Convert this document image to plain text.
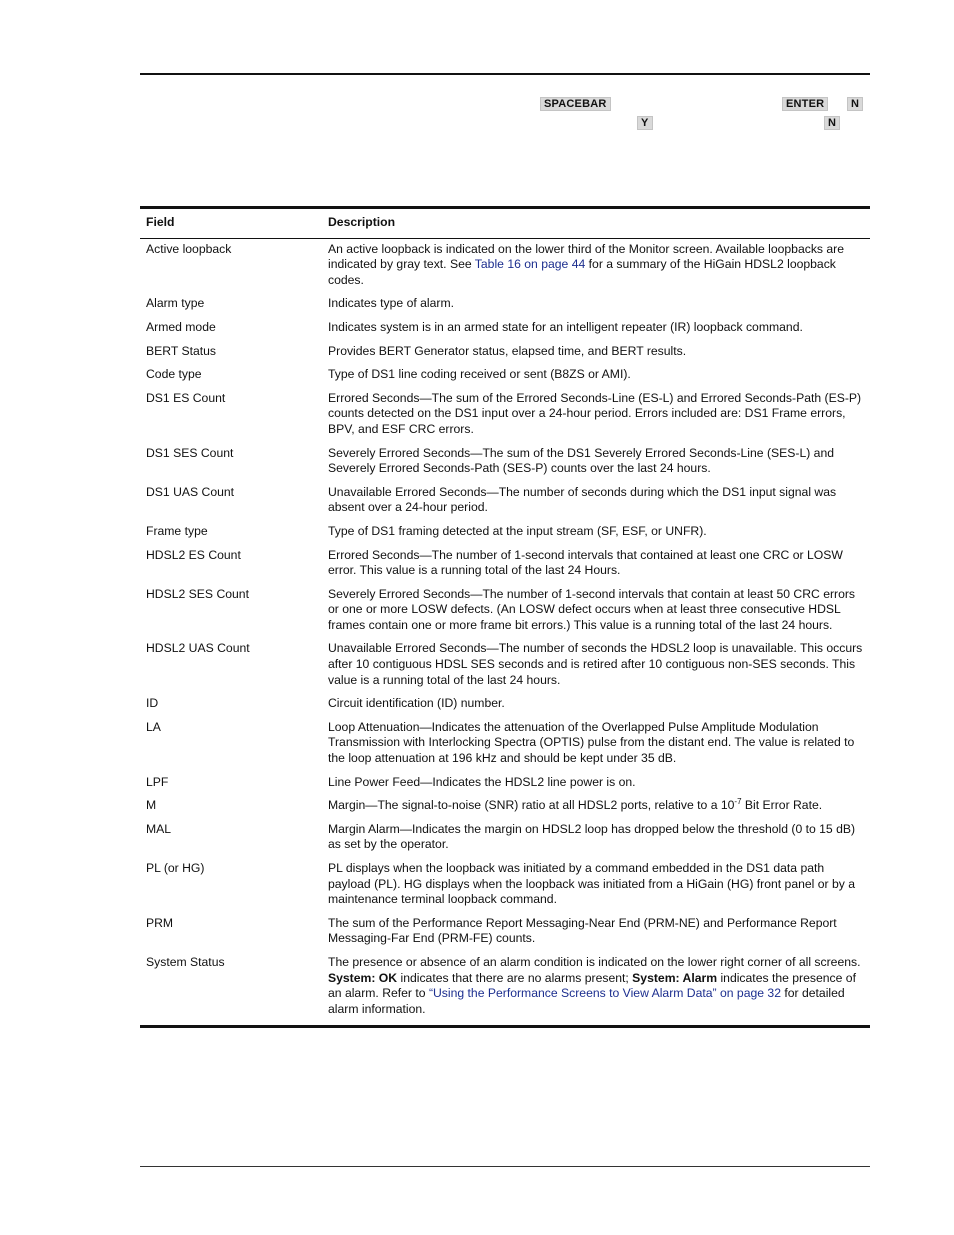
SPACEBAR	ENTER	N
Y	N
Field	Description
Active loopback	An active loopback is indicated on the lower third of the Monitor screen. Available loopbacks are indicated by gray text. See Table 16 on page 44 for a summary of the HiGain HDSL2 loopback codes.
Alarm type	Indicates type of alarm.
Armed mode	Indicates system is in an armed state for an intelligent repeater (IR) loopback command.
BERT Status	Provides BERT Generator status, elapsed time, and BERT results.
Code type	Type of DS1 line coding received or sent (B8ZS or AMI).
DS1 ES Count	Errored Seconds—The sum of the Errored Seconds-Line (ES-L) and Errored Seconds-Path (ES-P) counts detected on the DS1 input over a 24-hour period. Errors included are: DS1 Frame errors, BPV, and ESF CRC errors.
DS1 SES Count	Severely Errored Seconds—The sum of the DS1 Severely Errored Seconds-Line (SES-L) and Severely Errored Seconds-Path (SES-P) counts over the last 24 hours.
DS1 UAS Count	Unavailable Errored Seconds—The number of seconds during which the DS1 input signal was absent over a 24-hour period.
Frame type	Type of DS1 framing detected at the input stream (SF, ESF, or UNFR).
HDSL2 ES Count	Errored Seconds—The number of 1-second intervals that contained at least one CRC or LOSW error. This value is a running total of the last 24 Hours.
HDSL2 SES Count	Severely Errored Seconds—The number of 1-second intervals that contain at least 50 CRC errors or one or more LOSW defects. (An LOSW defect occurs when at least three consecutive HDSL frames contain one or more frame bit errors.) This value is a running total of the last 24 hours.
HDSL2 UAS Count	Unavailable Errored Seconds—The number of seconds the HDSL2 loop is unavailable. This occurs after 10 contiguous HDSL SES seconds and is retired after 10 contiguous non-SES seconds. This value is a running total of the last 24 hours.
ID	Circuit identification (ID) number.
LA	Loop Attenuation—Indicates the attenuation of the Overlapped Pulse Amplitude Modulation Transmission with Interlocking Spectra (OPTIS) pulse from the distant end. The value is related to the loop attenuation at 196 kHz and should be kept under 35 dB.
LPF	Line Power Feed—Indicates the HDSL2 line power is on.
M	Margin—The signal-to-noise (SNR) ratio at all HDSL2 ports, relative to a $10^{-7}$ Bit Error Rate.
MAL	Margin Alarm—Indicates the margin on HDSL2 loop has dropped below the threshold (0 to 15 dB) as set by the operator.
PL (or HG)	PL displays when the loopback was initiated by a command embedded in the DS1 data path payload (PL). HG displays when the loopback was initiated from a HiGain (HG) front panel or by a maintenance terminal loopback command.
PRM	The sum of the Performance Report Messaging-Near End (PRM-NE) and Performance Report Messaging-Far End (PRM-FE) counts.
System Status	The presence or absence of an alarm condition is indicated on the lower right corner of all screens. System: OK indicates that there are no alarms present; System: Alarm indicates the presence of an alarm. Refer to “Using the Performance Screens to View Alarm Data” on page 32 for detailed alarm information.
